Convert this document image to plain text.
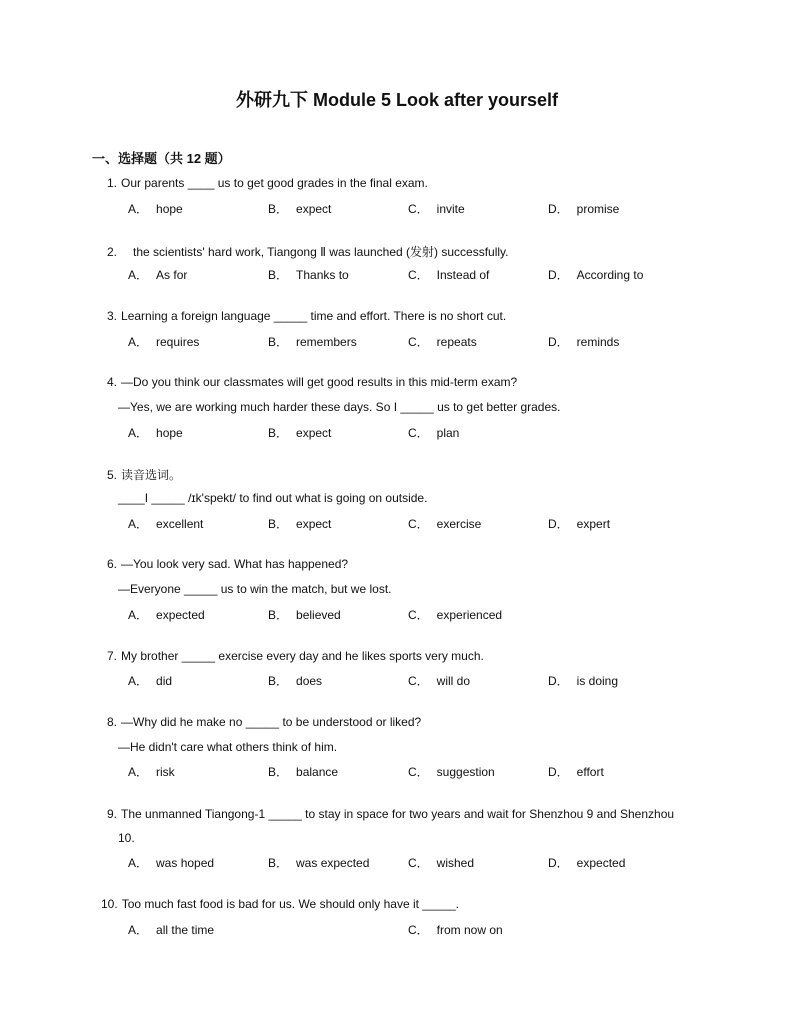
外研九下 Module 5 Look after yourself
一、选择题（共 12 题）
1. Our parents ____ us to get good grades in the final exam.
A． hope	B． expect	C． invite	D． promise
2. the scientists' hard work, Tiangong Ⅱ was launched (发射) successfully.
A． As for	B． Thanks to	C． Instead of	D． According to
3. Learning a foreign language _____ time and effort. There is no short cut.
A． requires	B． remembers	C． repeats	D． reminds
4. —Do you think our classmates will get good results in this mid-term exam?
—Yes, we are working much harder these days. So I _____ us to get better grades.
A． hope	B． expect	C． plan
5. 读音选词。
____I _____ /ɪk'spekt/ to find out what is going on outside.
A． excellent	B． expect	C． exercise	D． expert
6. —You look very sad. What has happened?
—Everyone _____ us to win the match, but we lost.
A． expected	B． believed	C． experienced
7. My brother _____ exercise every day and he likes sports very much.
A． did	B． does	C． will do	D． is doing
8. —Why did he make no _____ to be understood or liked?
—He didn't care what others think of him.
A． risk	B． balance	C． suggestion	D． effort
9. The unmanned Tiangong-1 _____ to stay in space for two years and wait for Shenzhou 9 and Shenzhou
10.
A． was hoped	B． was expected	C． wished	D． expected
10. Too much fast food is bad for us. We should only have it _____.
A． all the time	C． from now on
